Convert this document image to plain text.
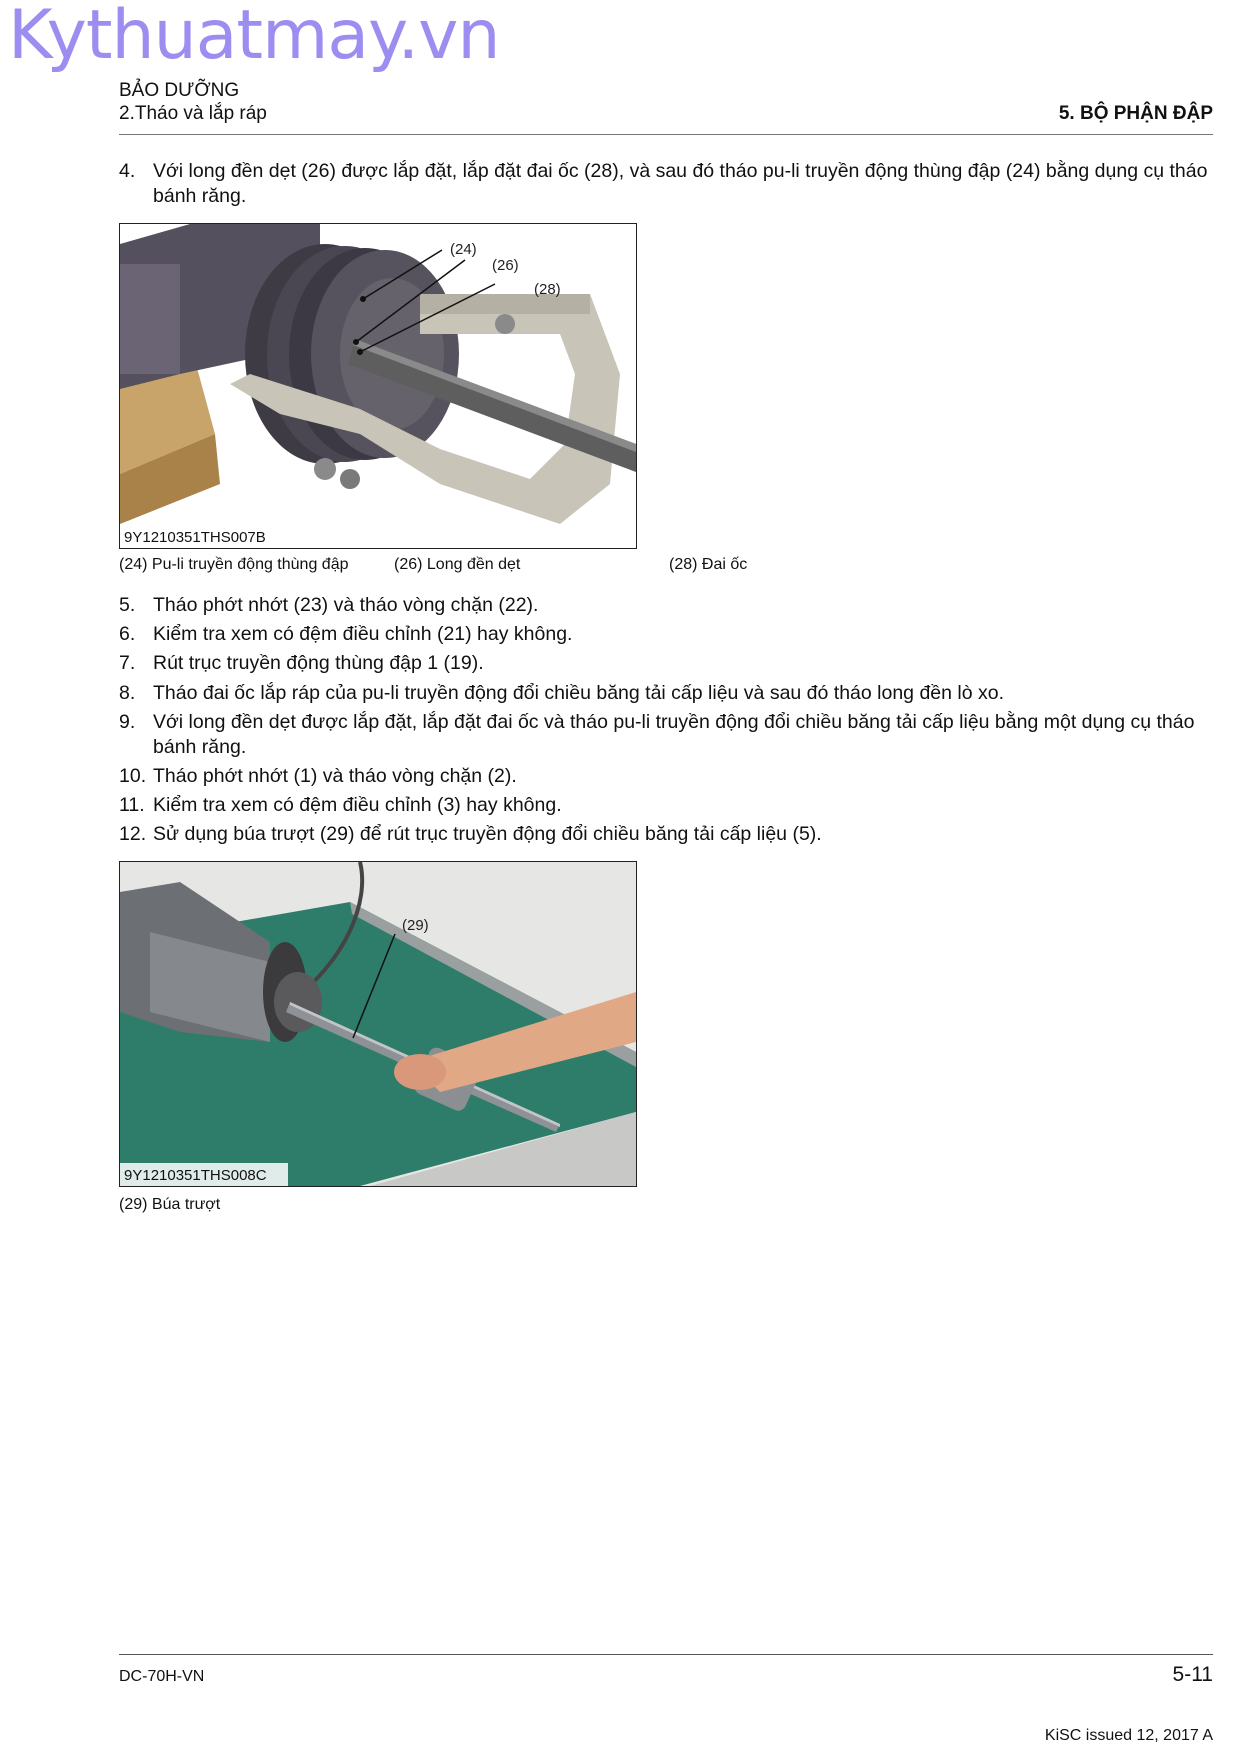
Kythuatmay.vn
BẢO DƯỠNG
2.Tháo và lắp ráp	5. BỘ PHẬN ĐẬP
4. Với long đền dẹt (26) được lắp đặt, lắp đặt đai ốc (28), và sau đó tháo pu-li truyền động thùng đập (24) bằng dụng cụ tháo bánh răng.
(24)
(26)
(28)
9Y1210351THS007B
(24) Pu-li truyền động thùng đập	(26) Long đền dẹt	(28) Đai ốc
5. Tháo phớt nhớt (23) và tháo vòng chặn (22).
6. Kiểm tra xem có đệm điều chỉnh (21) hay không.
7. Rút trục truyền động thùng đập 1 (19).
8. Tháo đai ốc lắp ráp của pu-li truyền động đổi chiều băng tải cấp liệu và sau đó tháo long đền lò xo.
9. Với long đền dẹt được lắp đặt, lắp đặt đai ốc và tháo pu-li truyền động đổi chiều băng tải cấp liệu bằng một dụng cụ tháo bánh răng.
10. Tháo phớt nhớt (1) và tháo vòng chặn (2).
11. Kiểm tra xem có đệm điều chỉnh (3) hay không.
12. Sử dụng búa trượt (29) để rút trục truyền động đổi chiều băng tải cấp liệu (5).
(29)
9Y1210351THS008C
(29) Búa trượt
DC-70H-VN	5-11
KiSC issued 12, 2017 A
